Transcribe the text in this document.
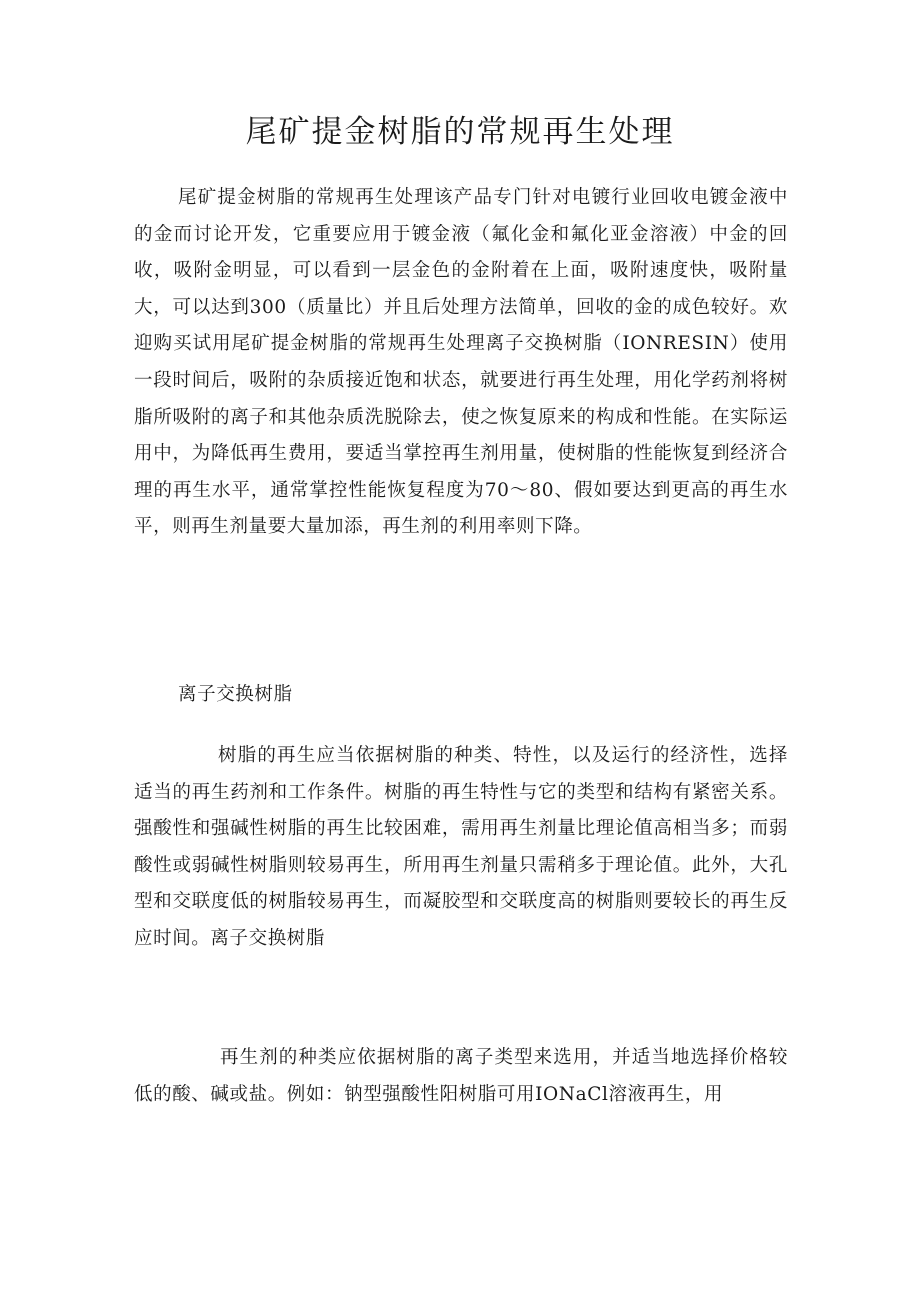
尾矿提金树脂的常规再生处理

尾矿提金树脂的常规再生处理该产品专门针对电镀行业回收电镀金液中的金而讨论开发，它重要应用于镀金液（氟化金和氟化亚金溶液）中金的回收，吸附金明显，可以看到一层金色的金附着在上面，吸附速度快，吸附量大，可以达到300（质量比）并且后处理方法简单，回收的金的成色较好。欢迎购买试用尾矿提金树脂的常规再生处理离子交换树脂（IONRESIN）使用一段时间后，吸附的杂质接近饱和状态，就要进行再生处理，用化学药剂将树脂所吸附的离子和其他杂质洗脱除去，使之恢复原来的构成和性能。在实际运用中，为降低再生费用，要适当掌控再生剂用量，使树脂的性能恢复到经济合理的再生水平，通常掌控性能恢复程度为70～80、假如要达到更高的再生水平，则再生剂量要大量加添，再生剂的利用率则下降。

离子交换树脂

树脂的再生应当依据树脂的种类、特性，以及运行的经济性，选择适当的再生药剂和工作条件。树脂的再生特性与它的类型和结构有紧密关系。强酸性和强碱性树脂的再生比较困难，需用再生剂量比理论值高相当多；而弱酸性或弱碱性树脂则较易再生，所用再生剂量只需稍多于理论值。此外，大孔型和交联度低的树脂较易再生，而凝胶型和交联度高的树脂则要较长的再生反应时间。离子交换树脂

再生剂的种类应依据树脂的离子类型来选用，并适当地选择价格较低的酸、碱或盐。例如：钠型强酸性阳树脂可用IONaCl溶液再生，用
